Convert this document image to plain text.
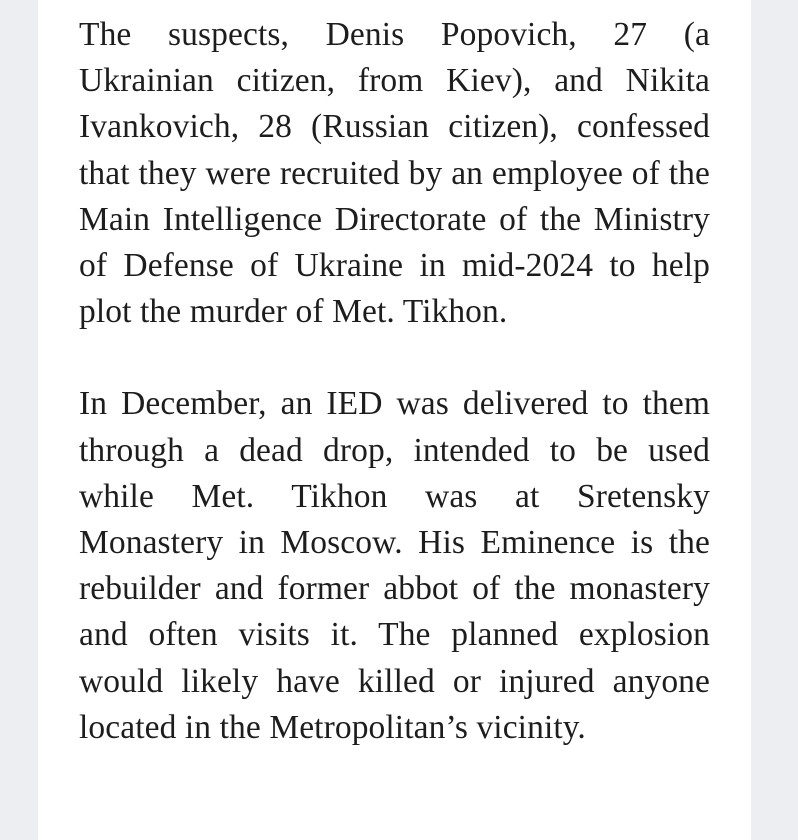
The suspects, Denis Popovich, 27 (a Ukrainian citizen, from Kiev), and Nikita Ivankovich, 28 (Russian citizen), confessed that they were recruited by an employee of the Main Intelligence Directorate of the Ministry of Defense of Ukraine in mid-2024 to help plot the murder of Met. Tikhon.

In December, an IED was delivered to them through a dead drop, intended to be used while Met. Tikhon was at Sretensky Monastery in Moscow. His Eminence is the rebuilder and former abbot of the monastery and often visits it. The planned explosion would likely have killed or injured anyone located in the Metropolitan’s vicinity.
